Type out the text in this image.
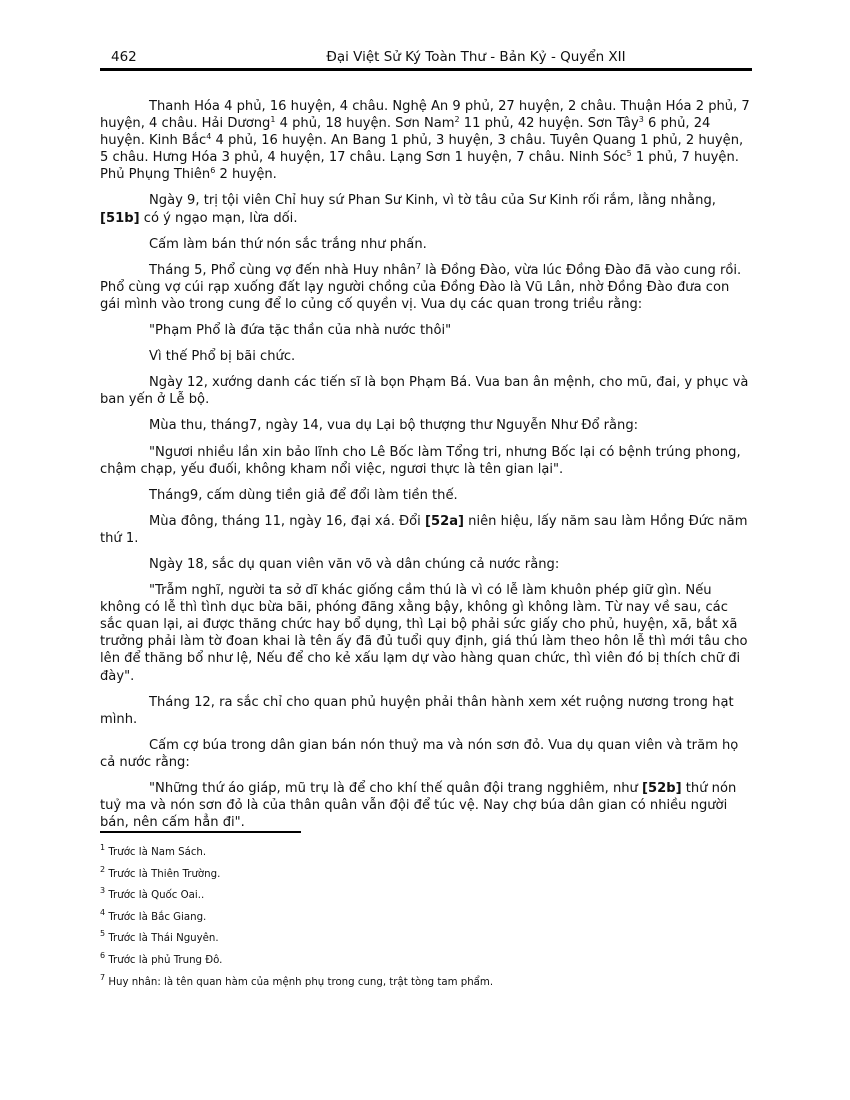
462	Đại Việt Sử Ký Toàn Thư - Bản Kỷ - Quyển XII

Thanh Hóa 4 phủ, 16 huyện, 4 châu. Nghệ An 9 phủ, 27 huyện, 2 châu. Thuận Hóa 2 phủ, 7 huyện, 4 châu. Hải Dương$^1$ 4 phủ, 18 huyện. Sơn Nam$^2$ 11 phủ, 42 huyện. Sơn Tây$^3$ 6 phủ, 24 huyện. Kinh Bắc$^4$ 4 phủ, 16 huyện. An Bang 1 phủ, 3 huyện, 3 châu. Tuyên Quang 1 phủ, 2 huyện, 5 châu. Hưng Hóa 3 phủ, 4 huyện, 17 châu. Lạng Sơn 1 huyện, 7 châu. Ninh Sóc$^5$ 1 phủ, 7 huyện. Phủ Phụng Thiên$^6$ 2 huyện.

Ngày 9, trị tội viên Chỉ huy sứ Phan Sư Kinh, vì tờ tâu của Sư Kinh rối rắm, lằng nhằng, [51b] có ý ngạo mạn, lừa dối.

Cấm làm bán thứ nón sắc trắng như phấn.

Tháng 5, Phổ cùng vợ đến nhà Huy nhân$^7$ là Đồng Đào, vừa lúc Đồng Đào đã vào cung rồi. Phổ cùng vợ cúi rạp xuống đất lạy người chồng của Đồng Đào là Vũ Lân, nhờ Đồng Đào đưa con gái mình vào trong cung để lo củng cố quyền vị. Vua dụ các quan trong triều rằng:

"Phạm Phổ là đứa tặc thần của nhà nước thôi"

Vì thế Phổ bị bãi chức.

Ngày 12, xướng danh các tiến sĩ là bọn Phạm Bá. Vua ban ân mệnh, cho mũ, đai, y phục và ban yến ở Lễ bộ.

Mùa thu, tháng7, ngày 14, vua dụ Lại bộ thượng thư Nguyễn Như Đổ rằng:

"Ngươi nhiều lần xin bảo lĩnh cho Lê Bốc làm Tổng tri, nhưng Bốc lại có bệnh trúng phong, chậm chạp, yếu đuối, không kham nổi việc, ngươi thực là tên gian lại".

Tháng9, cấm dùng tiền giả để đổi làm tiền thế.

Mùa đông, tháng 11, ngày 16, đại xá. Đổi [52a] niên hiệu, lấy năm sau làm Hồng Đức năm thứ 1.

Ngày 18, sắc dụ quan viên văn võ và dân chúng cả nước rằng:

"Trẫm nghĩ, người ta sở dĩ khác giống cầm thú là vì có lễ làm khuôn phép giữ gìn. Nếu không có lễ thì tình dục bừa bãi, phóng đãng xằng bậy, không gì không làm. Từ nay về sau, các sắc quan lại, ai được thăng chức hay bổ dụng, thì Lại bộ phải sức giấy cho phủ, huyện, xã, bắt xã trưởng phải làm tờ đoan khai là tên ấy đã đủ tuổi quy định, giá thú làm theo hôn lễ thì mới tâu cho lên để thăng bổ như lệ, Nếu để cho kẻ xấu lạm dự vào hàng quan chức, thì viên đó bị thích chữ đi đày".

Tháng 12, ra sắc chỉ cho quan phủ huyện phải thân hành xem xét ruộng nương trong hạt mình.

Cấm cợ búa trong dân gian bán nón thuỷ ma và nón sơn đỏ. Vua dụ quan viên và trăm họ cả nước rằng:

"Những thứ áo giáp, mũ trụ là để cho khí thế quân đội trang ngghiêm, như [52b] thứ nón tuỷ ma và nón sơn đỏ là của thân quân vẫn đội để túc vệ. Nay chợ búa dân gian có nhiều người bán, nên cấm hẳn đi".

$^1$ Trước là Nam Sách.
$^2$ Trước là Thiên Trường.
$^3$ Trước là Quốc Oai..
$^4$ Trước là Bắc Giang.
$^5$ Trước là Thái Nguyên.
$^6$ Trước là phủ Trung Đô.
$^7$ Huy nhân: là tên quan hàm của mệnh phụ trong cung, trật tòng tam phẩm.
